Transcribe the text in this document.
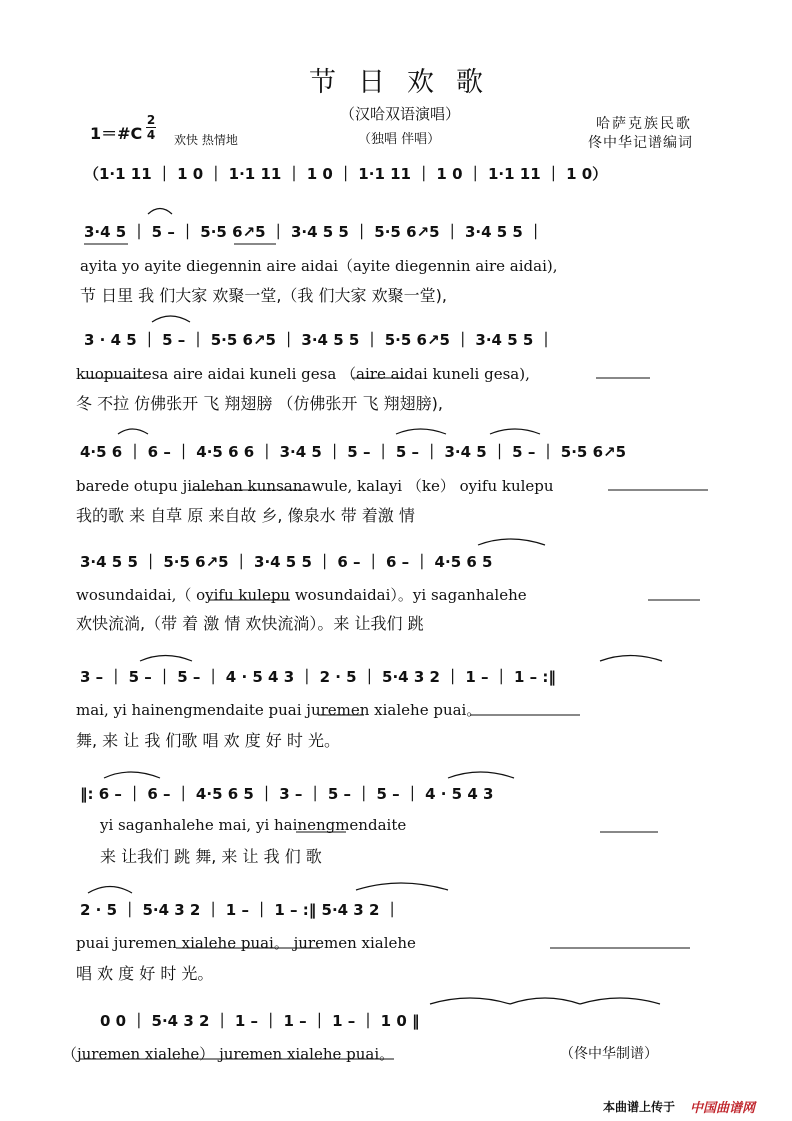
节日欢歌
（汉哈双语演唱）
（独唱 伴唱）
1＝#C
2
4 欢快 热情地
哈萨克族民歌
佟中华记谱编词
（1·1 11 ｜ 1 0 ｜ 1·1 11 ｜ 1 0 ｜ 1·1 11 ｜ 1 0 ｜ 1·1 11 ｜ 1 0）
3·4 5 ｜ 5 – ｜ 5·5 6↗5 ｜ 3·4 5 5 ｜ 5·5 6↗5 ｜ 3·4 5 5 ｜
ayita yo ayite diegennin aire aidai（ayite diegennin aire aidai),
节 日里 我 们大家 欢聚一堂,（我 们大家 欢聚一堂),
3 · 4 5 ｜ 5 – ｜ 5·5 6↗5 ｜ 3·4 5 5 ｜ 5·5 6↗5 ｜ 3·4 5 5 ｜
kuopuaitesa aire aidai kuneli gesa （aire aidai kuneli gesa),
冬 不拉 仿佛张开 飞 翔翅膀 （仿佛张开 飞 翔翅膀),
4·5 6 ｜ 6 – ｜ 4·5 6 6 ｜ 3·4 5 ｜ 5 – ｜ 5 – ｜ 3·4 5 ｜ 5 – ｜ 5·5 6↗5
barede otupu jialehan kunsanawule, kalayi （ke） oyifu kulepu
我的歌 来 自草 原 来自故 乡, 像泉水 带 着激 情
3·4 5 5 ｜ 5·5 6↗5 ｜ 3·4 5 5 ｜ 6 – ｜ 6 – ｜ 4·5 6 5
wosundaidai,（ oyifu kulepu wosundaidai）。yi saganhalehe
欢快流淌,（带 着 激 情 欢快流淌）。来 让我们 跳
3 – ｜ 5 – ｜ 5 – ｜ 4 · 5 4 3 ｜ 2 · 5 ｜ 5·4 3 2 ｜ 1 – ｜ 1 – :‖
mai, yi hainengmendaite puai juremen xialehe puai。
舞, 来 让 我 们歌 唱 欢 度 好 时 光。
‖: 6 – ｜ 6 – ｜ 4·5 6 5 ｜ 3 – ｜ 5 – ｜ 5 – ｜ 4 · 5 4 3
yi saganhalehe mai, yi hainengmendaite
来 让我们 跳 舞, 来 让 我 们 歌
2 · 5 ｜ 5·4 3 2 ｜ 1 – ｜ 1 – :‖ 5·4 3 2 ｜
puai juremen xialehe puai。 juremen xialehe
唱 欢 度 好 时 光。
0 0 ｜ 5·4 3 2 ｜ 1 – ｜ 1 – ｜ 1 – ｜ 1 0 ‖
（juremen xialehe） juremen xialehe puai。	（佟中华制谱）
本曲谱上传于 中国曲谱网
